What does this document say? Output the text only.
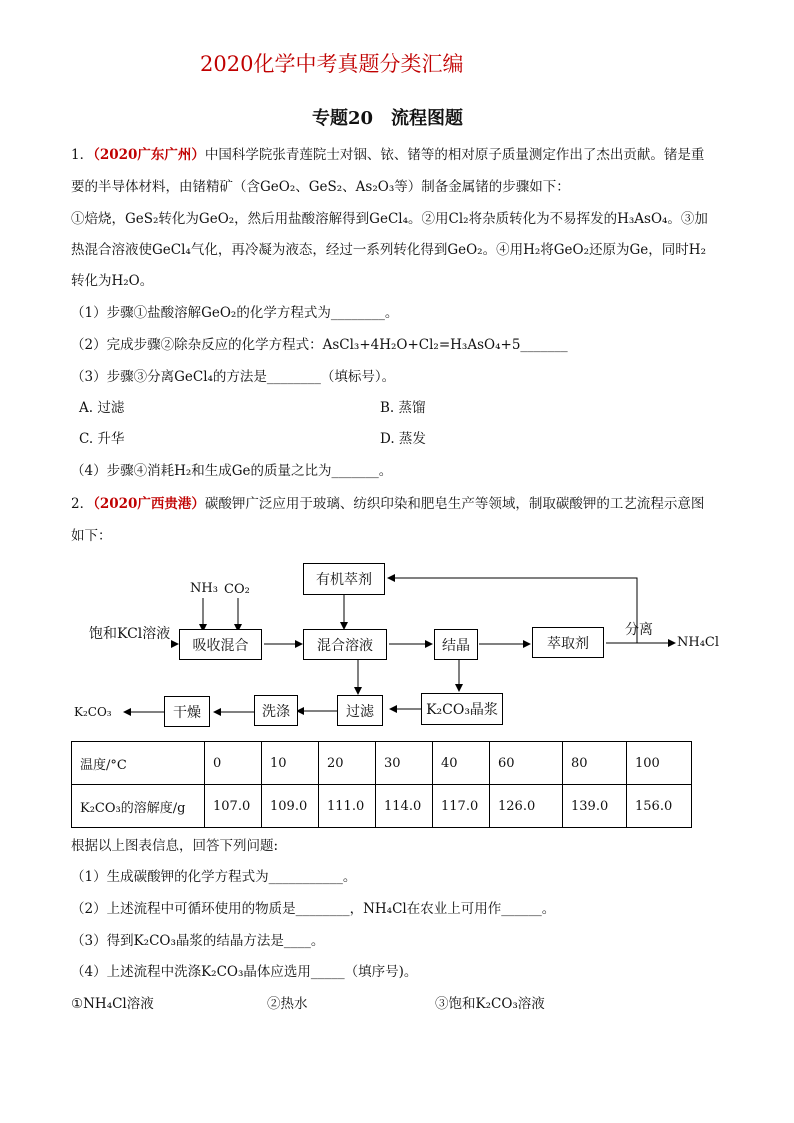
2020化学中考真题分类汇编
专题20　流程图题
1．（2020广东广州）中国科学院张青莲院士对铟、铱、锗等的相对原子质量测定作出了杰出贡献。锗是重
要的半导体材料，由锗精矿（含GeO₂、GeS₂、As₂O₃等）制备金属锗的步骤如下：
①焙烧，GeS₂转化为GeO₂，然后用盐酸溶解得到GeCl₄。②用Cl₂将杂质转化为不易挥发的H₃AsO₄。③加
热混合溶液使GeCl₄气化，再冷凝为液态，经过一系列转化得到GeO₂。④用H₂将GeO₂还原为Ge，同时H₂
转化为H₂O。
（1）步骤①盐酸溶解GeO₂的化学方程式为________。
（2）完成步骤②除杂反应的化学方程式：AsCl₃+4H₂O+Cl₂=H₃AsO₄+5_______
（3）步骤③分离GeCl₄的方法是________（填标号）。
A. 过滤	B. 蒸馏
C. 升华	D. 蒸发
（4）步骤④消耗H₂和生成Ge的质量之比为_______。
2．（2020广西贵港）碳酸钾广泛应用于玻璃、纺织印染和肥皂生产等领域，制取碳酸钾的工艺流程示意图
如下：
有机萃剂
吸收混合	混合溶液	结晶	萃取剂
K₂CO₃晶浆
过滤
洗涤
干燥
NH₃ CO₂
饱和KCl溶液	分离
NH₄Cl
K₂CO₃
温度/°C	0	10	20	30	40	60	80	100
K₂CO₃的溶解度/g	107.0	109.0	111.0	114.0	117.0	126.0	139.0	156.0
根据以上图表信息，回答下列问题:
（1）生成碳酸钾的化学方程式为___________。
（2）上述流程中可循环使用的物质是________，NH₄Cl在农业上可用作______。
（3）得到K₂CO₃晶浆的结晶方法是____。
（4）上述流程中洗涤K₂CO₃晶体应选用_____（填序号)。
①NH₄Cl溶液	②热水	③饱和K₂CO₃溶液
